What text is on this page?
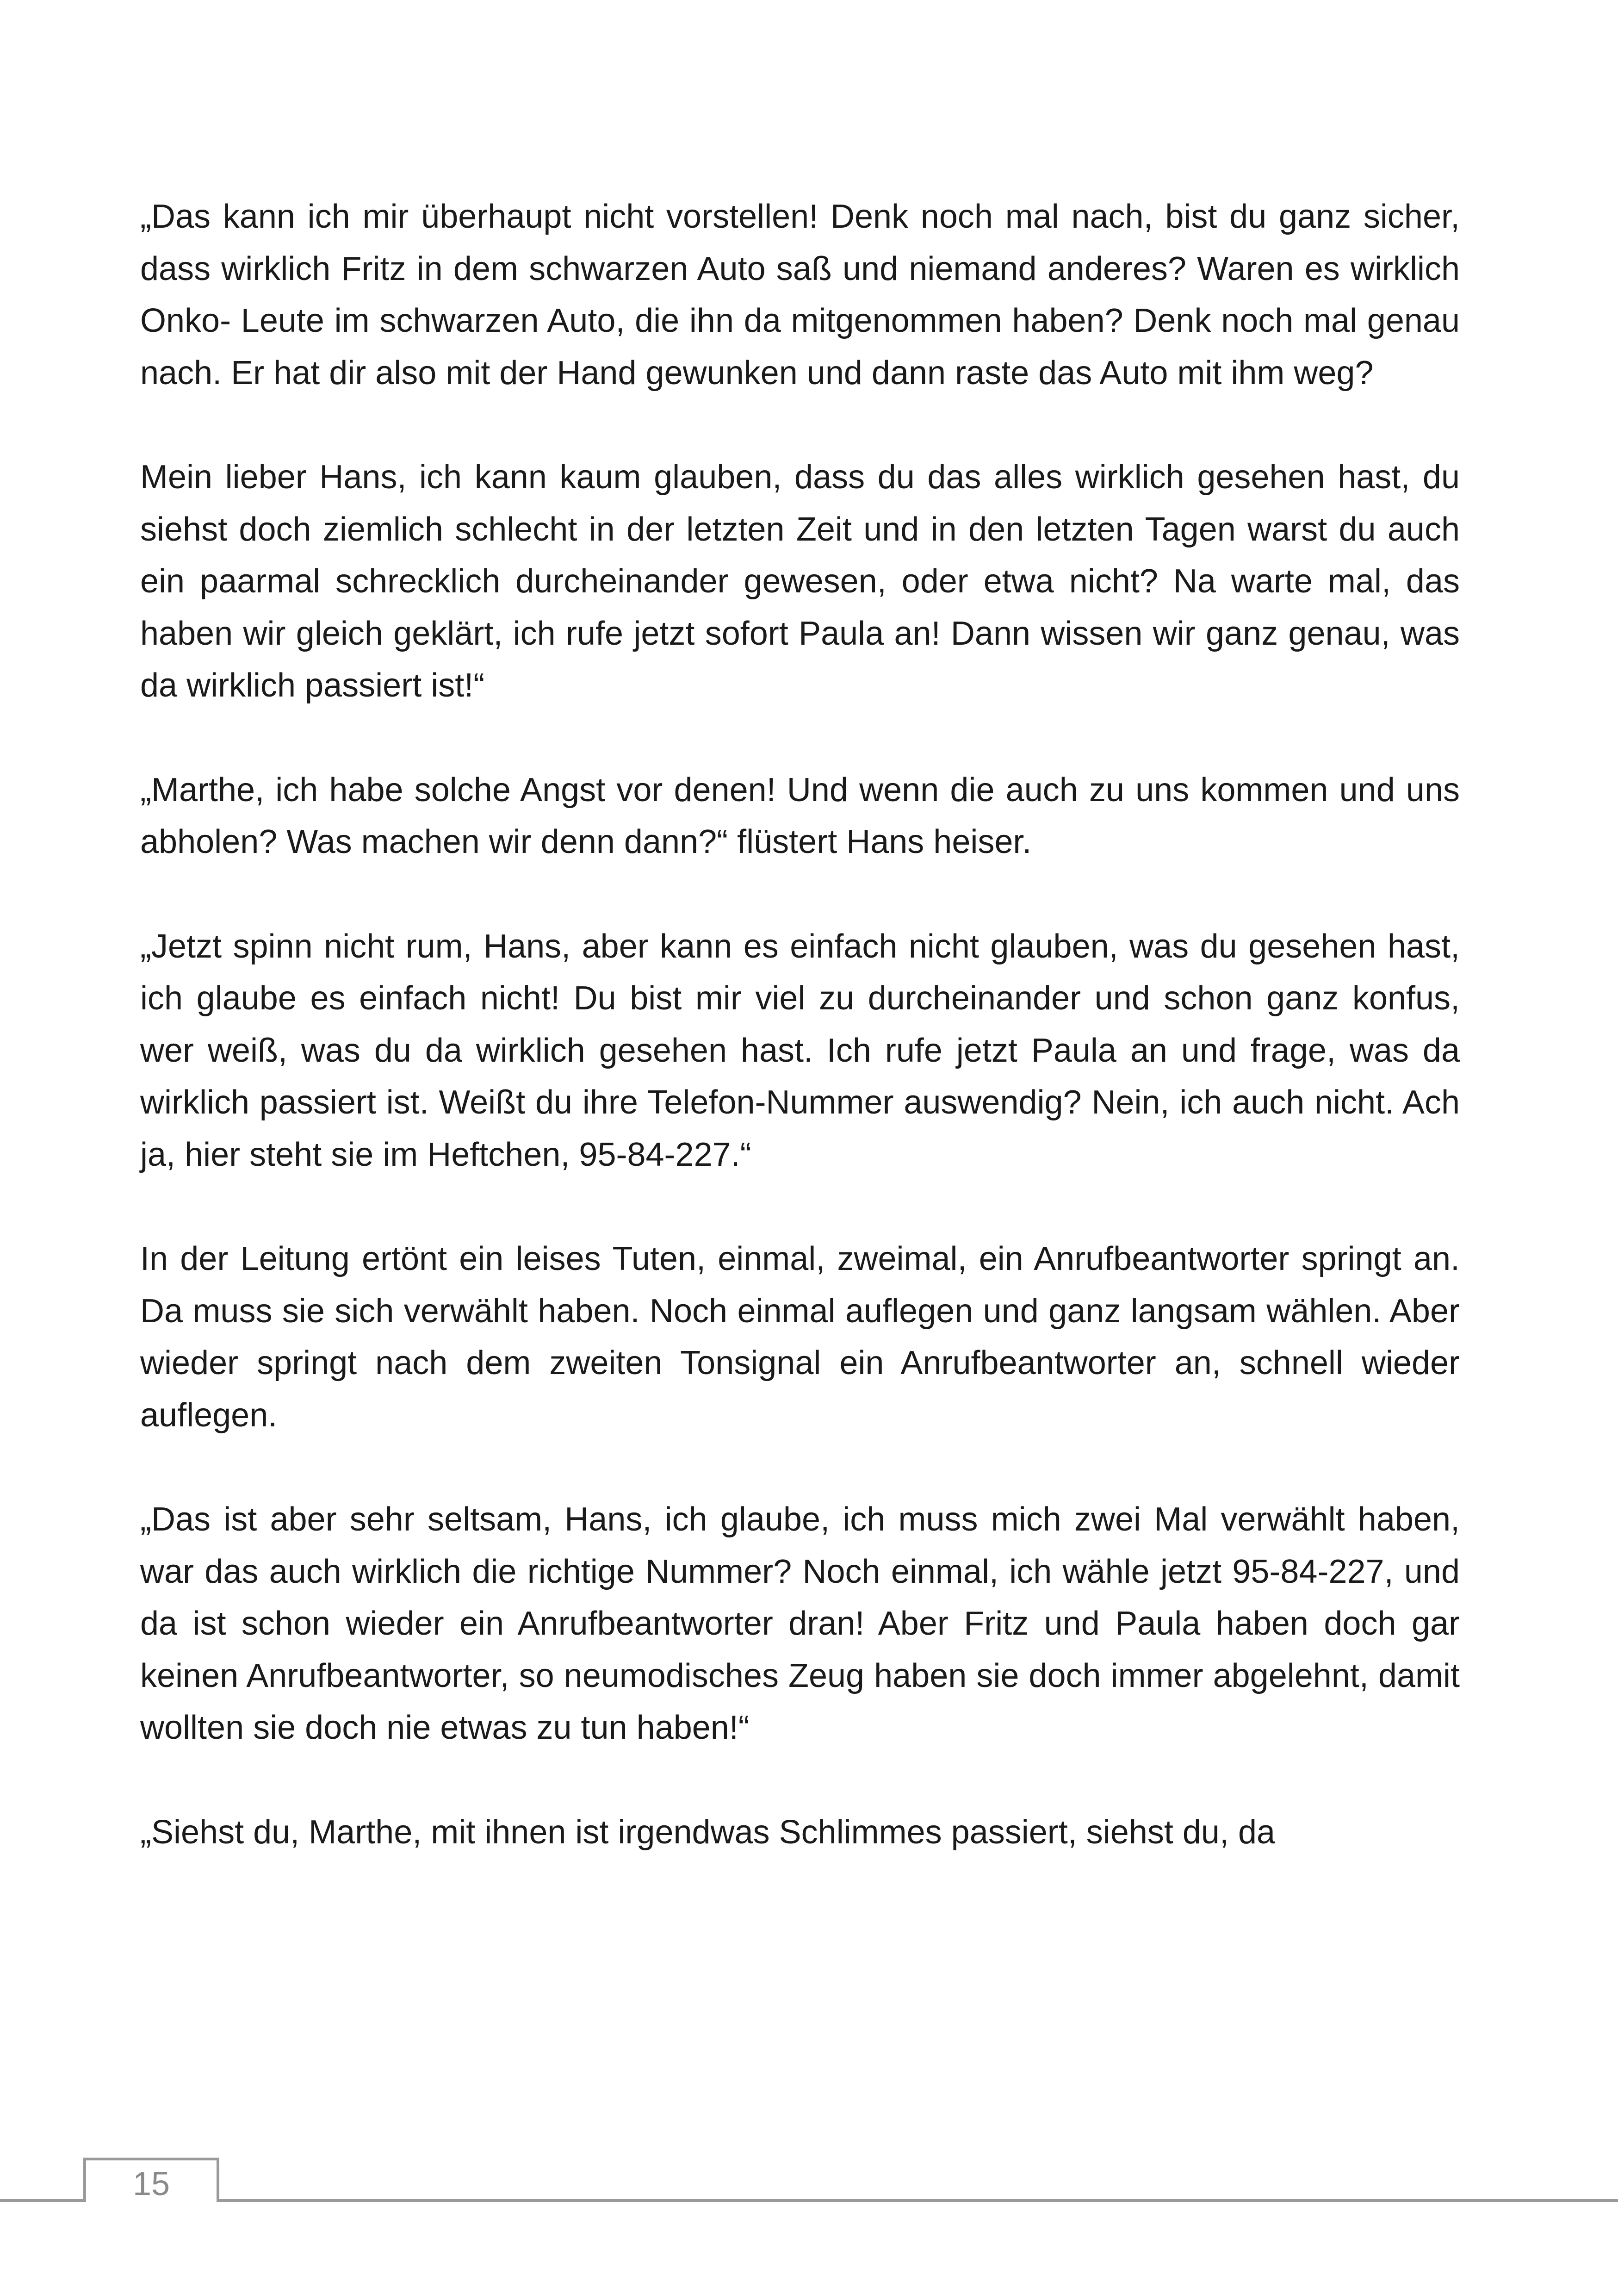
„Das kann ich mir überhaupt nicht vorstellen! Denk noch mal nach, bist du ganz sicher, dass wirklich Fritz in dem schwarzen Auto saß und niemand anderes? Waren es wirklich Onko- Leute im schwarzen Auto, die ihn da mitgenommen haben? Denk noch mal genau nach. Er hat dir also mit der Hand gewunken und dann raste das Auto mit ihm weg?

Mein lieber Hans, ich kann kaum glauben, dass du das alles wirklich gesehen hast, du siehst doch ziemlich schlecht in der letzten Zeit und in den letzten Tagen warst du auch ein paarmal schrecklich durcheinander gewesen, oder etwa nicht? Na warte mal, das haben wir gleich geklärt, ich rufe jetzt sofort Paula an! Dann wissen wir ganz genau, was da wirklich passiert ist!“

„Marthe, ich habe solche Angst vor denen! Und wenn die auch zu uns kommen und uns abholen? Was machen wir denn dann?“ flüstert Hans heiser.

„Jetzt spinn nicht rum, Hans, aber kann es einfach nicht glauben, was du gesehen hast, ich glaube es einfach nicht! Du bist mir viel zu durcheinander und schon ganz konfus, wer weiß, was du da wirklich gesehen hast. Ich rufe jetzt Paula an und frage, was da wirklich passiert ist. Weißt du ihre Telefon-Nummer auswendig? Nein, ich auch nicht. Ach ja, hier steht sie im Heftchen, 95-84-227.“

In der Leitung ertönt ein leises Tuten, einmal, zweimal, ein Anrufbeantworter springt an. Da muss sie sich verwählt haben. Noch einmal auflegen und ganz langsam wählen. Aber wieder springt nach dem zweiten Tonsignal ein Anrufbeantworter an, schnell wieder auflegen.

„Das ist aber sehr seltsam, Hans, ich glaube, ich muss mich zwei Mal verwählt haben, war das auch wirklich die richtige Nummer? Noch einmal, ich wähle jetzt 95-84-227, und da ist schon wieder ein Anrufbeantworter dran! Aber Fritz und Paula haben doch gar keinen Anrufbeantworter, so neumodisches Zeug haben sie doch immer abgelehnt, damit wollten sie doch nie etwas zu tun haben!“

„Siehst du, Marthe, mit ihnen ist irgendwas Schlimmes passiert, siehst du, da

15
